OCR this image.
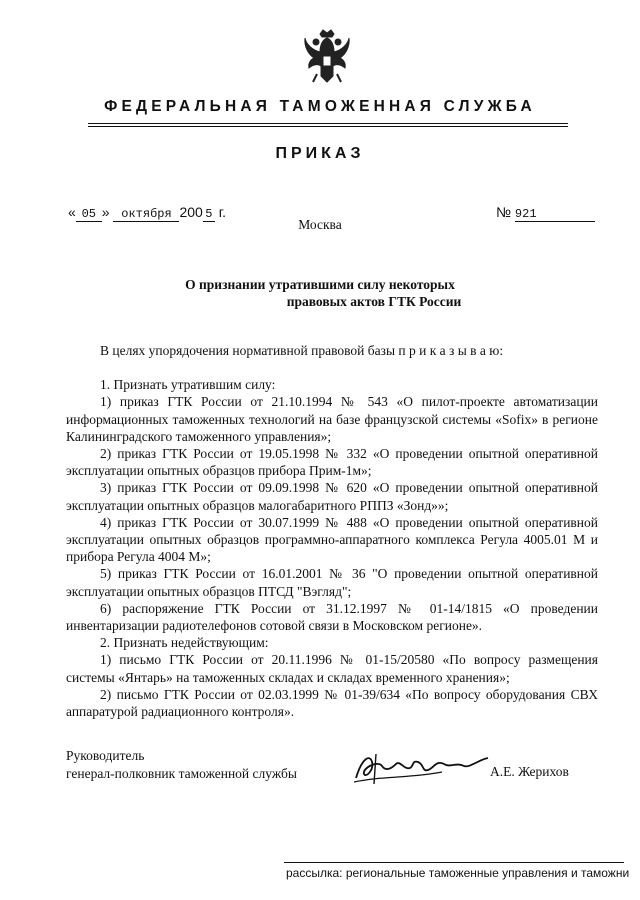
ФЕДЕРАЛЬНАЯ ТАМОЖЕННАЯ СЛУЖБА
ПРИКАЗ
« 05 » октября 200 5 г.	№ 921
Москва
О признании утратившими силу некоторых
правовых актов ГТК России

В целях упорядочения нормативной правовой базы п р и к а з ы в а ю:

1. Признать утратившим силу:

1) приказ ГТК России от 21.10.1994 № 543 «О пилот-проекте автоматизации информационных таможенных технологий на базе французской системы «Sofix» в регионе Калининградского таможенного управления»;

2) приказ ГТК России от 19.05.1998 № 332 «О проведении опытной оперативной эксплуатации опытных образцов прибора Прим-1м»;

3) приказ ГТК России от 09.09.1998 № 620 «О проведении опытной оперативной эксплуатации опытных образцов малогабаритного РППЗ «Зонд»»;

4) приказ ГТК России от 30.07.1999 № 488 «О проведении опытной оперативной эксплуатации опытных образцов программно-аппаратного комплекса Регула 4005.01 М и прибора Регула 4004 М»;

5) приказ ГТК России от 16.01.2001 № 36 "О проведении опытной оперативной эксплуатации опытных образцов ПТСД "Вэгляд";

6) распоряжение ГТК России от 31.12.1997 № 01-14/1815 «О проведении инвентаризации радиотелефонов сотовой связи в Московском регионе».

2. Признать недействующим:

1) письмо ГТК России от 20.11.1996 № 01-15/20580 «По вопросу размещения системы «Янтарь» на таможенных складах и складах временного хранения»;

2) письмо ГТК России от 02.03.1999 № 01-39/634 «По вопросу оборудования СВХ аппаратурой радиационного контроля».

Руководитель
генерал-полковник таможенной службы	А.Е. Жерихов
рассылка: региональные таможенные управления и таможни
